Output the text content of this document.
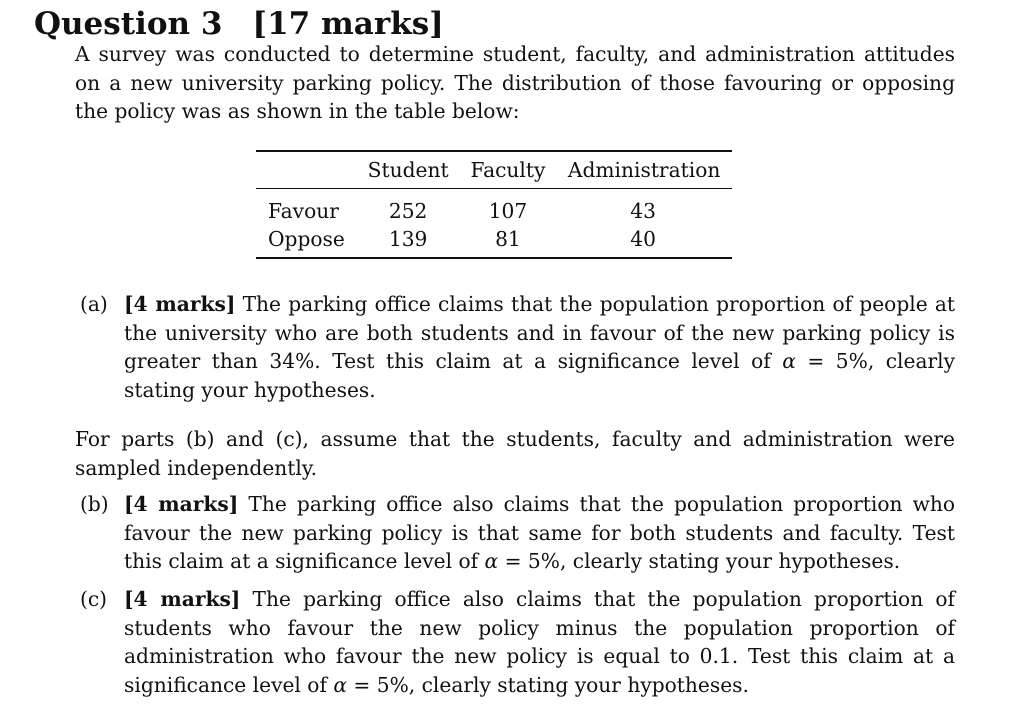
Question 3 [17 marks]
A survey was conducted to determine student, faculty, and administration attitudes on a new university parking policy. The distribution of those favouring or opposing the policy was as shown in the table below:
	Student	Faculty	Administration
Favour	252	107	43
Oppose	139	81	40
(a) [4 marks] The parking office claims that the population proportion of people at the university who are both students and in favour of the new parking policy is greater than 34%. Test this claim at a significance level of α = 5%, clearly stating your hypotheses.
For parts (b) and (c), assume that the students, faculty and administration were sampled independently.
(b) [4 marks] The parking office also claims that the population proportion who favour the new parking policy is that same for both students and faculty. Test this claim at a significance level of α = 5%, clearly stating your hypotheses.
(c) [4 marks] The parking office also claims that the population proportion of students who favour the new policy minus the population proportion of administration who favour the new policy is equal to 0.1. Test this claim at a significance level of α = 5%, clearly stating your hypotheses.
